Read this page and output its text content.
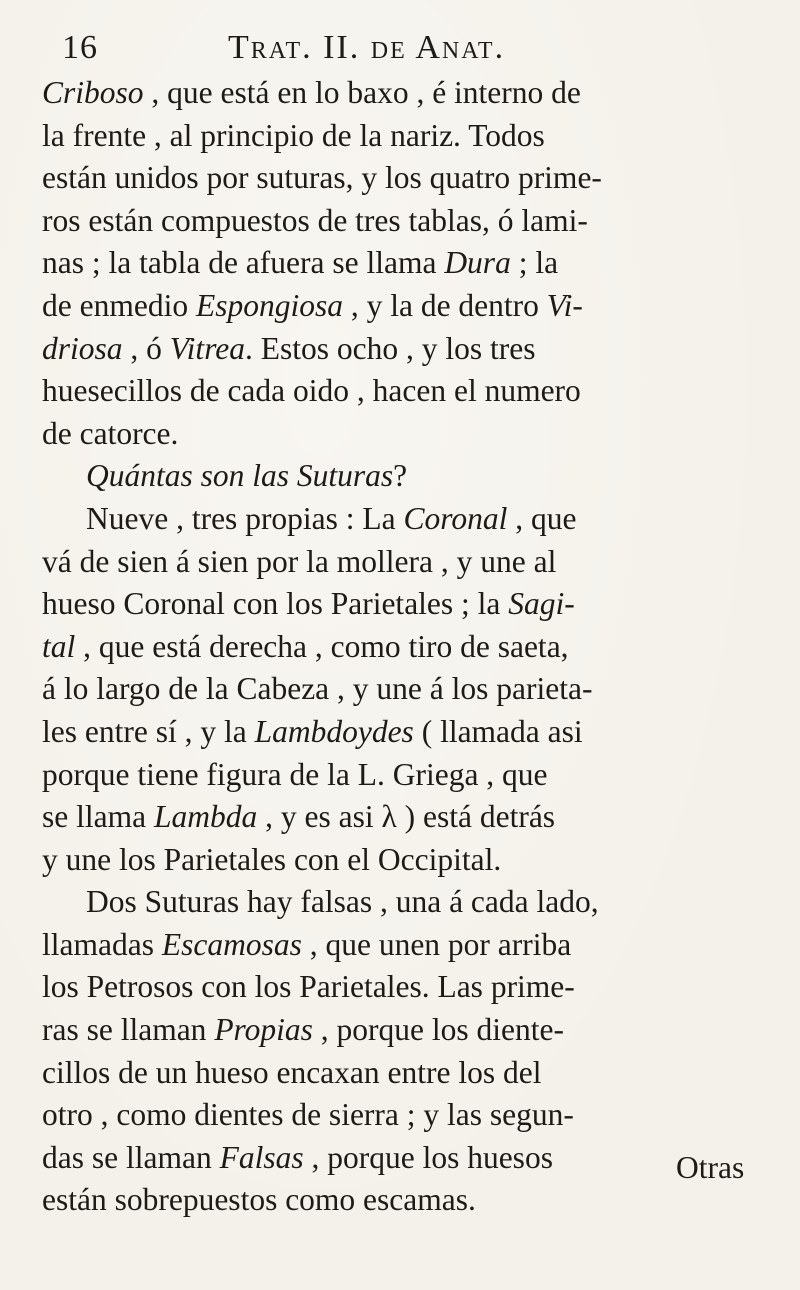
16	Trat. II. de Anat.
Criboso , que está en lo baxo , é interno de
la frente , al principio de la nariz. Todos
están unidos por suturas, y los quatro prime-
ros están compuestos de tres tablas, ó lami-
nas ; la tabla de afuera se llama Dura ; la
de enmedio Espongiosa , y la de dentro Vi-
driosa , ó Vitrea. Estos ocho , y los tres
huesecillos de cada oido , hacen el numero
de catorce.
Quántas son las Suturas?
Nueve , tres propias : La Coronal , que
vá de sien á sien por la mollera , y une al
hueso Coronal con los Parietales ; la Sagi-
tal , que está derecha , como tiro de saeta,
á lo largo de la Cabeza , y une á los parieta-
les entre sí , y la Lambdoydes ( llamada asi
porque tiene figura de la L. Griega , que
se llama Lambda , y es asi λ ) está detrás
y une los Parietales con el Occipital.
Dos Suturas hay falsas , una á cada lado,
llamadas Escamosas , que unen por arriba
los Petrosos con los Parietales. Las prime-
ras se llaman Propias , porque los diente-
cillos de un hueso encaxan entre los del
otro , como dientes de sierra ; y las segun-
das se llaman Falsas , porque los huesos
están sobrepuestos como escamas.
Otras
